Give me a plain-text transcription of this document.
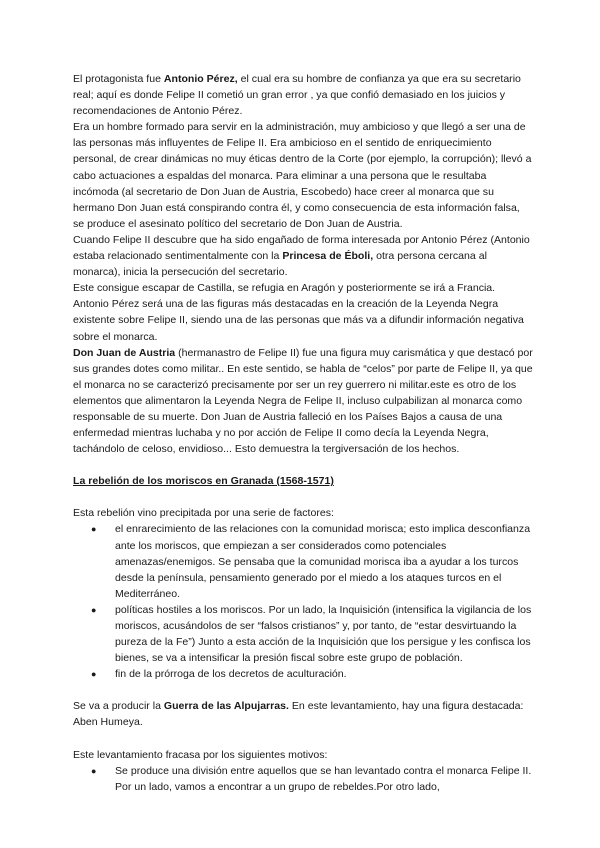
El protagonista fue Antonio Pérez, el cual era su hombre de confianza ya que era su secretario real; aquí es donde Felipe II cometió un gran error , ya que confió demasiado en los juicios y recomendaciones de Antonio Pérez.

Era un hombre formado para servir en la administración, muy ambicioso y que llegó a ser una de las personas más influyentes de Felipe II. Era ambicioso en el sentido de enriquecimiento personal, de crear dinámicas no muy éticas dentro de la Corte (por ejemplo, la corrupción); llevó a cabo actuaciones a espaldas del monarca. Para eliminar a una persona que le resultaba incómoda (al secretario de Don Juan de Austria, Escobedo) hace creer al monarca que su hermano Don Juan está conspirando contra él, y como consecuencia de esta información falsa, se produce el asesinato político del secretario de Don Juan de Austria.

Cuando Felipe II descubre que ha sido engañado de forma interesada por Antonio Pérez (Antonio estaba relacionado sentimentalmente con la Princesa de Éboli, otra persona cercana al monarca), inicia la persecución del secretario.

Este consigue escapar de Castilla, se refugia en Aragón y posteriormente se irá a Francia. Antonio Pérez será una de las figuras más destacadas en la creación de la Leyenda Negra existente sobre Felipe II, siendo una de las personas que más va a difundir información negativa sobre el monarca.

Don Juan de Austria (hermanastro de Felipe II) fue una figura muy carismática y que destacó por sus grandes dotes como militar.. En este sentido, se habla de “celos” por parte de Felipe II, ya que el monarca no se caracterizó precisamente por ser un rey guerrero ni militar.este es otro de los elementos que alimentaron la Leyenda Negra de Felipe II, incluso culpabilizan al monarca como responsable de su muerte. Don Juan de Austria falleció en los Países Bajos a causa de una enfermedad mientras luchaba y no por acción de Felipe II como decía la Leyenda Negra, tachándolo de celoso, envidioso... Esto demuestra la tergiversación de los hechos.

La rebelión de los moriscos en Granada (1568-1571)

Esta rebelión vino precipitada por una serie de factores:

● el enrarecimiento de las relaciones con la comunidad morisca; esto implica desconfianza ante los moriscos, que empiezan a ser considerados como potenciales amenazas/enemigos. Se pensaba que la comunidad morisca iba a ayudar a los turcos desde la península, pensamiento generado por el miedo a los ataques turcos en el Mediterráneo.
● políticas hostiles a los moriscos. Por un lado, la Inquisición (intensifica la vigilancia de los moriscos, acusándolos de ser “falsos cristianos” y, por tanto, de “estar desvirtuando la pureza de la Fe”) Junto a esta acción de la Inquisición que los persigue y les confisca los bienes, se va a intensificar la presión fiscal sobre este grupo de población.
● fin de la prórroga de los decretos de aculturación.

Se va a producir la Guerra de las Alpujarras. En este levantamiento, hay una figura destacada: Aben Humeya.

Este levantamiento fracasa por los siguientes motivos:

● Se produce una división entre aquellos que se han levantado contra el monarca Felipe II. Por un lado, vamos a encontrar a un grupo de rebeldes.Por otro lado,
